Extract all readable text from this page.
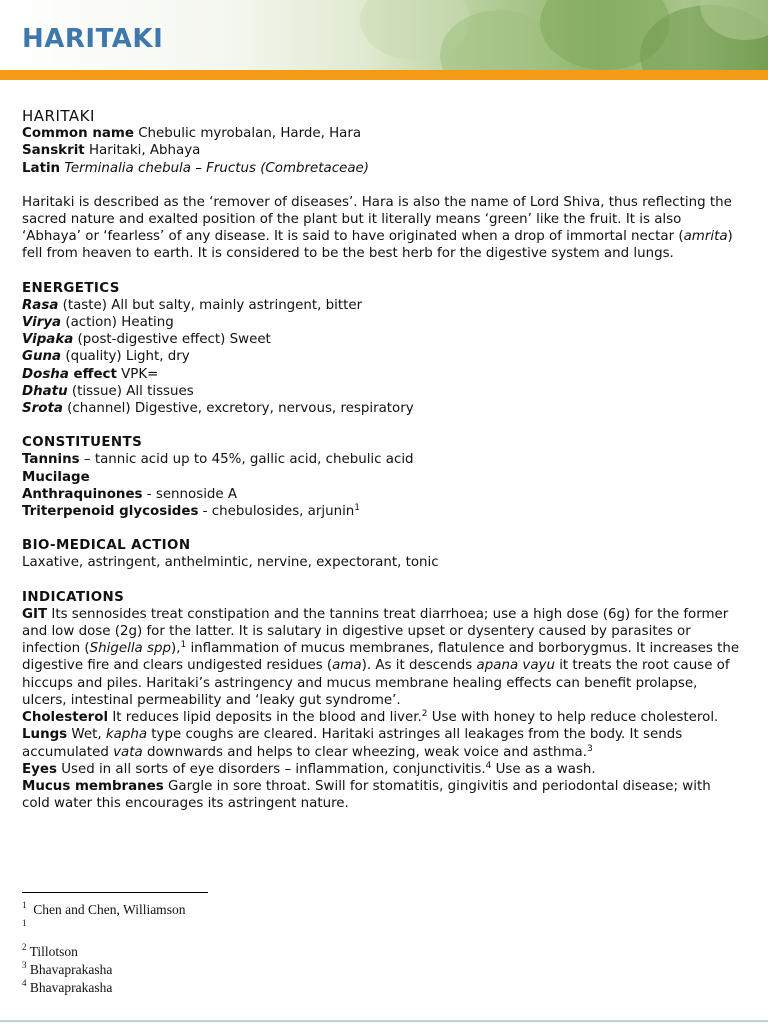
HARITAKI

HARITAKI

Common name Chebulic myrobalan, Harde, Hara

Sanskrit Haritaki, Abhaya

Latin Terminalia chebula – Fructus (Combretaceae)

Haritaki is described as the ‘remover of diseases’. Hara is also the name of Lord Shiva, thus reflecting the sacred nature and exalted position of the plant but it literally means ‘green’ like the fruit. It is also ‘Abhaya’ or ‘fearless’ of any disease. It is said to have originated when a drop of immortal nectar (amrita) fell from heaven to earth. It is considered to be the best herb for the digestive system and lungs.

ENERGETICS

Rasa (taste) All but salty, mainly astringent, bitter

Virya (action) Heating

Vipaka (post-digestive effect) Sweet

Guna (quality) Light, dry

Dosha effect VPK=

Dhatu (tissue) All tissues

Srota (channel) Digestive, excretory, nervous, respiratory

CONSTITUENTS

Tannins – tannic acid up to 45%, gallic acid, chebulic acid

Mucilage

Anthraquinones - sennoside A

Triterpenoid glycosides - chebulosides, arjunin$^1$

BIO-MEDICAL ACTION

Laxative, astringent, anthelmintic, nervine, expectorant, tonic

INDICATIONS

GIT Its sennosides treat constipation and the tannins treat diarrhoea; use a high dose (6g) for the former and low dose (2g) for the latter. It is salutary in digestive upset or dysentery caused by parasites or infection (Shigella spp),$^1$ inflammation of mucus membranes, flatulence and borborygmus. It increases the digestive fire and clears undigested residues (ama). As it descends apana vayu it treats the root cause of hiccups and piles. Haritaki’s astringency and mucus membrane healing effects can benefit prolapse, ulcers, intestinal permeability and ‘leaky gut syndrome’.

Cholesterol It reduces lipid deposits in the blood and liver.$^2$ Use with honey to help reduce cholesterol.

Lungs Wet, kapha type coughs are cleared. Haritaki astringes all leakages from the body. It sends accumulated vata downwards and helps to clear wheezing, weak voice and asthma.$^3$

Eyes Used in all sorts of eye disorders – inflammation, conjunctivitis.$^4$ Use as a wash.

Mucus membranes Gargle in sore throat. Swill for stomatitis, gingivitis and periodontal disease; with cold water this encourages its astringent nature.

$^1$  Chen and Chen, Williamson

$^1$

$^2$ Tillotson

$^3$ Bhavaprakasha

$^4$ Bhavaprakasha
